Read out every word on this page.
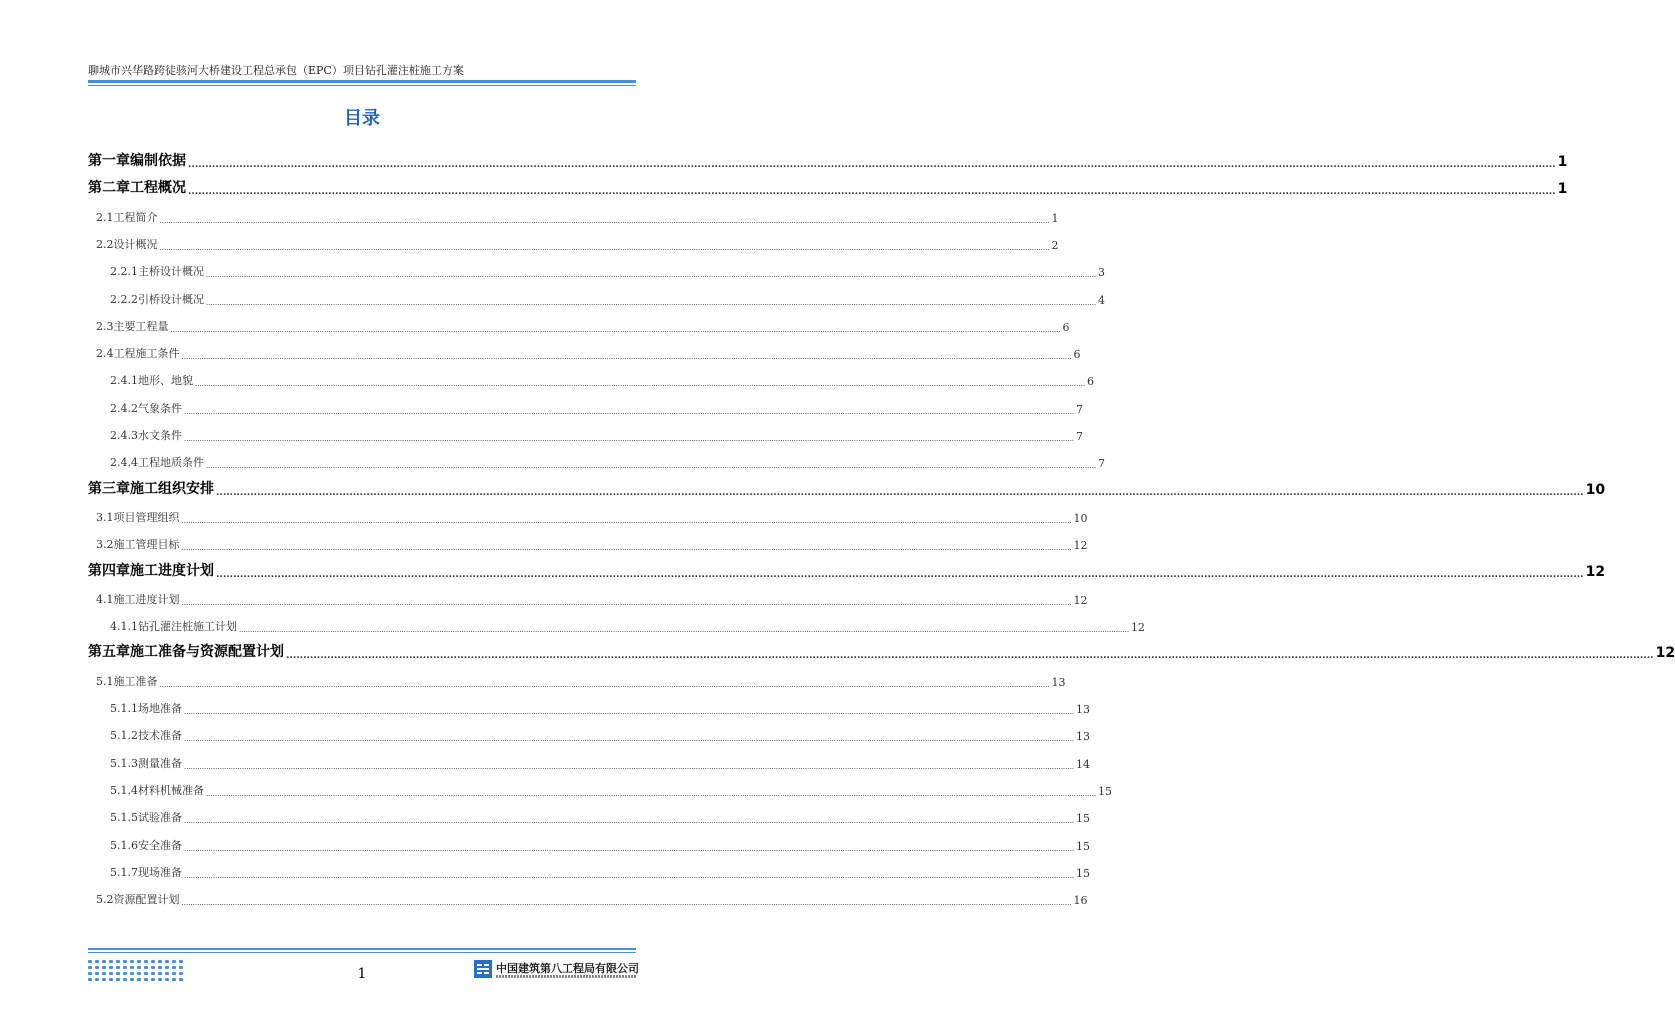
聊城市兴华路跨徒骇河大桥建设工程总承包（EPC）项目钻孔灌注桩施工方案
目录
第一章编制依据 ................................................................................................................................................................................................................................................................................................................................................................................................................ 1
第二章工程概况 ................................................................................................................................................................................................................................................................................................................................................................................................................ 1
2.1工程简介 ................................................................................................................................................................................................................................................................................................................................................................................................................ 1
2.2设计概况 ................................................................................................................................................................................................................................................................................................................................................................................................................ 2
2.2.1主桥设计概况 ................................................................................................................................................................................................................................................................................................................................................................................................................ 3
2.2.2引桥设计概况 ................................................................................................................................................................................................................................................................................................................................................................................................................ 4
2.3主要工程量 ................................................................................................................................................................................................................................................................................................................................................................................................................ 6
2.4工程施工条件 ................................................................................................................................................................................................................................................................................................................................................................................................................ 6
2.4.1地形、地貌 ................................................................................................................................................................................................................................................................................................................................................................................................................ 6
2.4.2气象条件 ................................................................................................................................................................................................................................................................................................................................................................................................................ 7
2.4.3水文条件 ................................................................................................................................................................................................................................................................................................................................................................................................................ 7
2.4.4工程地质条件 ................................................................................................................................................................................................................................................................................................................................................................................................................ 7
第三章施工组织安排 ................................................................................................................................................................................................................................................................................................................................................................................................................ 10
3.1项目管理组织 ................................................................................................................................................................................................................................................................................................................................................................................................................ 10
3.2施工管理目标 ................................................................................................................................................................................................................................................................................................................................................................................................................ 12
第四章施工进度计划 ................................................................................................................................................................................................................................................................................................................................................................................................................ 12
4.1施工进度计划 ................................................................................................................................................................................................................................................................................................................................................................................................................ 12
4.1.1钻孔灌注桩施工计划 ................................................................................................................................................................................................................................................................................................................................................................................................................ 12
第五章施工准备与资源配置计划 ................................................................................................................................................................................................................................................................................................................................................................................................................ 12
5.1施工准备 ................................................................................................................................................................................................................................................................................................................................................................................................................ 13
5.1.1场地准备 ................................................................................................................................................................................................................................................................................................................................................................................................................ 13
5.1.2技术准备 ................................................................................................................................................................................................................................................................................................................................................................................................................ 13
5.1.3测量准备 ................................................................................................................................................................................................................................................................................................................................................................................................................ 14
5.1.4材料机械准备 ................................................................................................................................................................................................................................................................................................................................................................................................................ 15
5.1.5试验准备 ................................................................................................................................................................................................................................................................................................................................................................................................................ 15
5.1.6安全准备 ................................................................................................................................................................................................................................................................................................................................................................................................................ 15
5.1.7现场准备 ................................................................................................................................................................................................................................................................................................................................................................................................................ 15
5.2资源配置计划 ................................................................................................................................................................................................................................................................................................................................................................................................................ 16
1	中国建筑第八工程局有限公司
